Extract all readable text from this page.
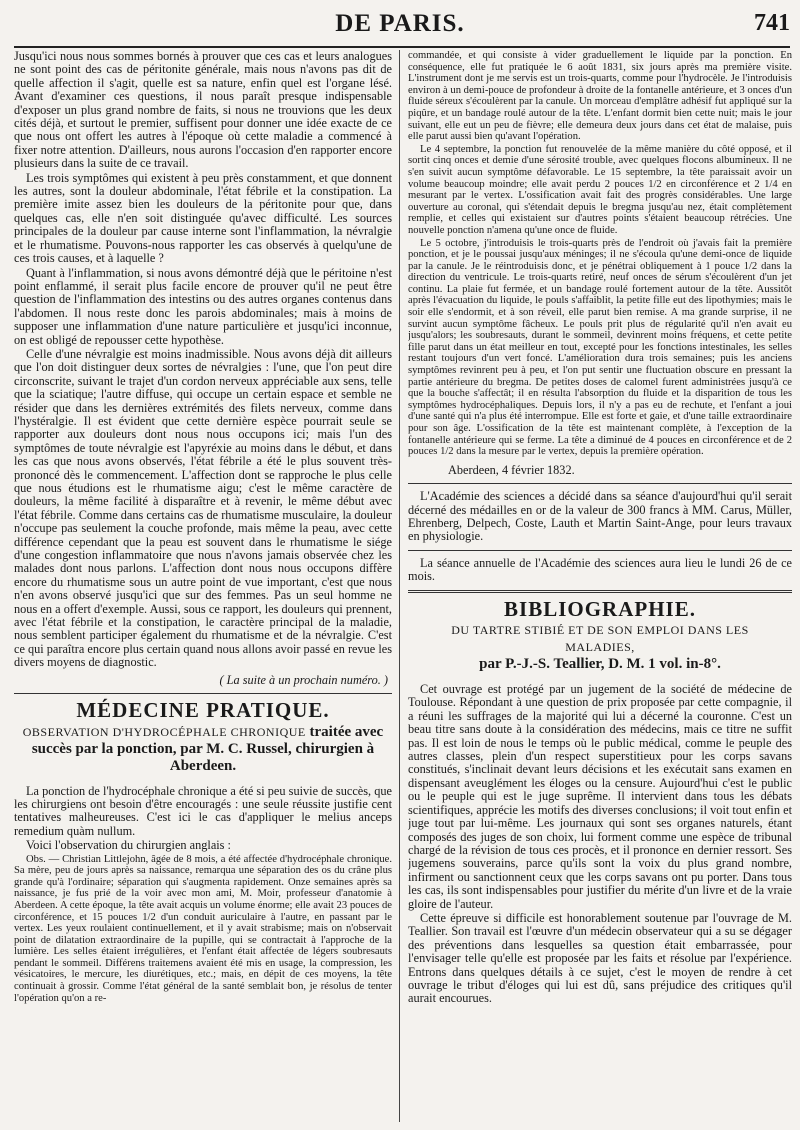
DE PARIS.	741

Jusqu'ici nous nous sommes bornés à prouver que ces cas et leurs analogues ne sont point des cas de péritonite générale, mais nous n'avons pas dit de quelle affection il s'agit, quelle est sa nature, enfin quel est l'organe lésé. Avant d'examiner ces questions, il nous paraît presque indispensable d'exposer un plus grand nombre de faits, si nous ne trouvions que les deux cités déjà, et surtout le premier, suffisent pour donner une idée exacte de ce que nous ont offert les autres à l'époque où cette maladie a commencé à fixer notre attention. D'ailleurs, nous aurons l'occasion d'en rapporter encore plusieurs dans la suite de ce travail.

Les trois symptômes qui existent à peu près constamment, et que donnent les autres, sont la douleur abdominale, l'état fébrile et la constipation. La première imite assez bien les douleurs de la péritonite pour que, dans quelques cas, elle n'en soit distinguée qu'avec difficulté. Les sources principales de la douleur par cause interne sont l'inflammation, la névralgie et le rhumatisme. Pouvons-nous rapporter les cas observés à quelqu'une de ces trois causes, et à laquelle ?

Quant à l'inflammation, si nous avons démontré déjà que le péritoine n'est point enflammé, il serait plus facile encore de prouver qu'il ne peut être question de l'inflammation des intestins ou des autres organes contenus dans l'abdomen. Il nous reste donc les parois abdominales; mais à moins de supposer une inflammation d'une nature particulière et jusqu'ici inconnue, on est obligé de repousser cette hypothèse.

Celle d'une névralgie est moins inadmissible. Nous avons déjà dit ailleurs que l'on doit distinguer deux sortes de névralgies : l'une, que l'on peut dire circonscrite, suivant le trajet d'un cordon nerveux appréciable aux sens, telle que la sciatique; l'autre diffuse, qui occupe un certain espace et semble ne résider que dans les dernières extrémités des filets nerveux, comme dans l'hystéralgie. Il est évident que cette dernière espèce pourrait seule se rapporter aux douleurs dont nous nous occupons ici; mais l'un des symptômes de toute névralgie est l'apyréxie au moins dans le début, et dans les cas que nous avons observés, l'état fébrile a été le plus souvent très-prononcé dès le commencement. L'affection dont se rapproche le plus celle que nous étudions est le rhumatisme aigu; c'est le même caractère de douleurs, la même facilité à disparaître et à revenir, le même début avec l'état fébrile. Comme dans certains cas de rhumatisme musculaire, la douleur n'occupe pas seulement la couche profonde, mais même la peau, avec cette différence cependant que la peau est souvent dans le rhumatisme le siége d'une congestion inflammatoire que nous n'avons jamais observée chez les malades dont nous parlons. L'affection dont nous nous occupons diffère encore du rhumatisme sous un autre point de vue important, c'est que nous n'en avons observé jusqu'ici que sur des femmes. Pas un seul homme ne nous en a offert d'exemple. Aussi, sous ce rapport, les douleurs qui prennent, avec l'état fébrile et la constipation, le caractère principal de la maladie, nous semblent participer également du rhumatisme et de la névralgie. C'est ce qui paraîtra encore plus certain quand nous allons avoir passé en revue les divers moyens de diagnostic.

( La suite à un prochain numéro. )
MÉDECINE PRATIQUE.
OBSERVATION D'HYDROCÉPHALE CHRONIQUE traitée avec succès par la ponction, par M. C. Russel, chirurgien à Aberdeen.

La ponction de l'hydrocéphale chronique a été si peu suivie de succès, que les chirurgiens ont besoin d'être encouragés : une seule réussite justifie cent tentatives malheureuses. C'est ici le cas d'appliquer le melius anceps remedium quàm nullum.

Voici l'observation du chirurgien anglais :

Obs. — Christian Littlejohn, âgée de 8 mois, a été affectée d'hydrocéphale chronique. Sa mère, peu de jours après sa naissance, remarqua une séparation des os du crâne plus grande qu'à l'ordinaire; séparation qui s'augmenta rapidement. Onze semaines après sa naissance, je fus prié de la voir avec mon ami, M. Moir, professeur d'anatomie à Aberdeen. A cette époque, la tête avait acquis un volume énorme; elle avait 23 pouces de circonférence, et 15 pouces 1/2 d'un conduit auriculaire à l'autre, en passant par le vertex. Les yeux roulaient continuellement, et il y avait strabisme; mais on n'observait point de dilatation extraordinaire de la pupille, qui se contractait à l'approche de la lumière. Les selles étaient irrégulières, et l'enfant était affectée de légers soubresauts pendant le sommeil. Différens traitemens avaient été mis en usage, la compression, les vésicatoires, le mercure, les diurétiques, etc.; mais, en dépit de ces moyens, la tête continuait à grossir. Comme l'état général de la santé semblait bon, je résolus de tenter l'opération qu'on a re-

commandée, et qui consiste à vider graduellement le liquide par la ponction. En conséquence, elle fut pratiquée le 6 août 1831, six jours après ma première visite. L'instrument dont je me servis est un trois-quarts, comme pour l'hydrocèle. Je l'introduisis environ à un demi-pouce de profondeur à droite de la fontanelle antérieure, et 3 onces d'un fluide séreux s'écoulèrent par la canule. Un morceau d'emplâtre adhésif fut appliqué sur la piqûre, et un bandage roulé autour de la tête. L'enfant dormit bien cette nuit; mais le jour suivant, elle eut un peu de fièvre; elle demeura deux jours dans cet état de malaise, puis elle parut aussi bien qu'avant l'opération.

Le 4 septembre, la ponction fut renouvelée de la même manière du côté opposé, et il sortit cinq onces et demie d'une sérosité trouble, avec quelques flocons albumineux. Il ne s'en suivit aucun symptôme défavorable. Le 15 septembre, la tête paraissait avoir un volume beaucoup moindre; elle avait perdu 2 pouces 1/2 en circonférence et 2 1/4 en mesurant par le vertex. L'ossification avait fait des progrès considérables. Une large ouverture au coronal, qui s'étendait depuis le bregma jusqu'au nez, était complètement remplie, et celles qui existaient sur d'autres points s'étaient beaucoup rétrécies. Une nouvelle ponction n'amena qu'une once de fluide.

Le 5 octobre, j'introduisis le trois-quarts près de l'endroit où j'avais fait la première ponction, et je le poussai jusqu'aux méninges; il ne s'écoula qu'une demi-once de liquide par la canule. Je le réintroduisis donc, et je pénétrai obliquement à 1 pouce 1/2 dans la direction du ventricule. Le trois-quarts retiré, neuf onces de sérum s'écoulèrent d'un jet continu. La plaie fut fermée, et un bandage roulé fortement autour de la tête. Aussitôt après l'évacuation du liquide, le pouls s'affaiblit, la petite fille eut des lipothymies; mais le soir elle s'endormit, et à son réveil, elle parut bien remise. A ma grande surprise, il ne survint aucun symptôme fâcheux. Le pouls prit plus de régularité qu'il n'en avait eu jusqu'alors; les soubresauts, durant le sommeil, devinrent moins fréquens, et cette petite fille parut dans un état meilleur en tout, excepté pour les fonctions intestinales, les selles restant toujours d'un vert foncé. L'amélioration dura trois semaines; puis les anciens symptômes revinrent peu à peu, et l'on put sentir une fluctuation obscure en pressant la partie antérieure du bregma. De petites doses de calomel furent administrées jusqu'à ce que la bouche s'affectât; il en résulta l'absorption du fluide et la disparition de tous les symptômes hydrocéphaliques. Depuis lors, il n'y a pas eu de rechute, et l'enfant a joui d'une santé qui n'a plus été interrompue. Elle est forte et gaie, et d'une taille extraordinaire pour son âge. L'ossification de la tête est maintenant complète, à l'exception de la fontanelle antérieure qui se ferme. La tête a diminué de 4 pouces en circonférence et de 2 pouces 1/2 dans la mesure par le vertex, depuis la première opération.

Aberdeen, 4 février 1832.

L'Académie des sciences a décidé dans sa séance d'aujourd'hui qu'il serait décerné des médailles en or de la valeur de 300 francs à MM. Carus, Müller, Ehrenberg, Delpech, Coste, Lauth et Martin Saint-Ange, pour leurs travaux en physiologie.

La séance annuelle de l'Académie des sciences aura lieu le lundi 26 de ce mois.

BIBLIOGRAPHIE.
DU TARTRE STIBIÉ ET DE SON EMPLOI DANS LES MALADIES,
par P.-J.-S. Teallier, D. M. 1 vol. in-8°.

Cet ouvrage est protégé par un jugement de la société de médecine de Toulouse. Répondant à une question de prix proposée par cette compagnie, il a réuni les suffrages de la majorité qui lui a décerné la couronne. C'est un beau titre sans doute à la considération des médecins, mais ce titre ne suffit pas. Il est loin de nous le temps où le public médical, comme le peuple des autres classes, plein d'un respect superstitieux pour les corps savans constitués, s'inclinait devant leurs décisions et les exécutait sans examen en dispensant aveuglément les éloges ou la censure. Aujourd'hui c'est le public ou le peuple qui est le juge suprême. Il intervient dans tous les débats scientifiques, apprécie les motifs des diverses conclusions; il voit tout enfin et juge tout par lui-même. Les journaux qui sont ses organes naturels, étant composés des juges de son choix, lui forment comme une espèce de tribunal chargé de la révision de tous ces procès, et il prononce en dernier ressort. Ses jugemens souverains, parce qu'ils sont la voix du plus grand nombre, infirment ou sanctionnent ceux que les corps savans ont pu porter. Dans tous les cas, ils sont indispensables pour justifier du mérite d'un livre et de la vraie gloire de l'auteur.

Cette épreuve si difficile est honorablement soutenue par l'ouvrage de M. Teallier. Son travail est l'œuvre d'un médecin observateur qui a su se dégager des préventions dans lesquelles sa question était embarrassée, pour l'envisager telle qu'elle est proposée par les faits et résolue par l'expérience. Entrons dans quelques détails à ce sujet, c'est le moyen de rendre à cet ouvrage le tribut d'éloges qui lui est dû, sans préjudice des critiques qu'il aurait encourues.
